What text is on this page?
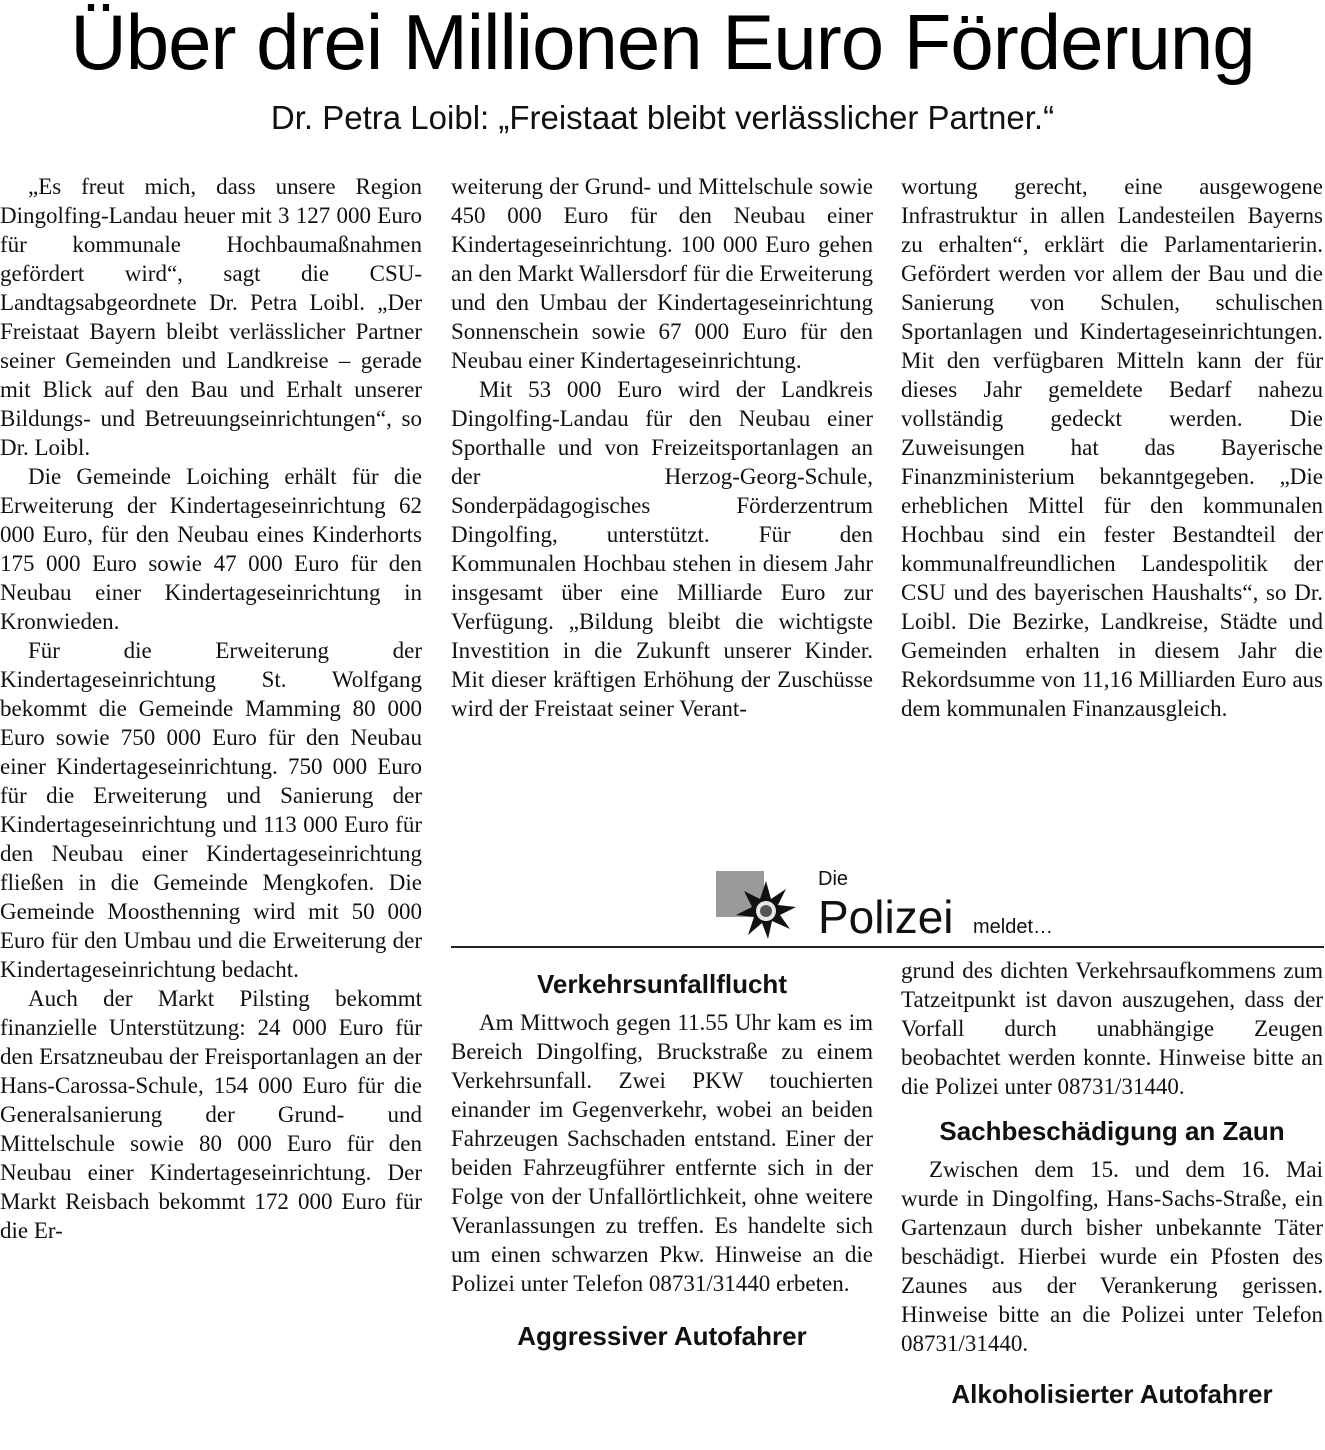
Über drei Millionen Euro Förderung
Dr. Petra Loibl: „Freistaat bleibt verlässlicher Partner.“

„Es freut mich, dass unsere Region Dingolfing-Landau heuer mit 3 127 000 Euro für kommunale Hochbaumaßnahmen gefördert wird“, sagt die CSU-Landtagsabgeordnete Dr. Petra Loibl. „Der Freistaat Bayern bleibt verlässlicher Partner seiner Gemeinden und Landkreise – gerade mit Blick auf den Bau und Erhalt unserer Bildungs- und Betreuungseinrichtungen“, so Dr. Loibl.

Die Gemeinde Loiching erhält für die Erweiterung der Kindertageseinrichtung 62 000 Euro, für den Neubau eines Kinderhorts 175 000 Euro sowie 47 000 Euro für den Neubau einer Kindertageseinrichtung in Kronwieden.

Für die Erweiterung der Kindertageseinrichtung St. Wolfgang bekommt die Gemeinde Mamming 80 000 Euro sowie 750 000 Euro für den Neubau einer Kindertageseinrichtung. 750 000 Euro für die Erweiterung und Sanierung der Kindertageseinrichtung und 113 000 Euro für den Neubau einer Kindertageseinrichtung fließen in die Gemeinde Mengkofen. Die Gemeinde Moosthenning wird mit 50 000 Euro für den Umbau und die Erweiterung der Kindertageseinrichtung bedacht.

Auch der Markt Pilsting bekommt finanzielle Unterstützung: 24 000 Euro für den Ersatzneubau der Freisportanlagen an der Hans-Carossa-Schule, 154 000 Euro für die Generalsanierung der Grund- und Mittelschule sowie 80 000 Euro für den Neubau einer Kindertageseinrichtung. Der Markt Reisbach bekommt 172 000 Euro für die Er-

weiterung der Grund- und Mittelschule sowie 450 000 Euro für den Neubau einer Kindertageseinrichtung. 100 000 Euro gehen an den Markt Wallersdorf für die Erweiterung und den Umbau der Kindertageseinrichtung Sonnenschein sowie 67 000 Euro für den Neubau einer Kindertageseinrichtung.

Mit 53 000 Euro wird der Landkreis Dingolfing-Landau für den Neubau einer Sporthalle und von Freizeitsportanlagen an der Herzog-Georg-Schule, Sonderpädagogisches Förderzentrum Dingolfing, unterstützt. Für den Kommunalen Hochbau stehen in diesem Jahr insgesamt über eine Milliarde Euro zur Verfügung. „Bildung bleibt die wichtigste Investition in die Zukunft unserer Kinder. Mit dieser kräftigen Erhöhung der Zuschüsse wird der Freistaat seiner Verant-

wortung gerecht, eine ausgewogene Infrastruktur in allen Landesteilen Bayerns zu erhalten“, erklärt die Parlamentarierin. Gefördert werden vor allem der Bau und die Sanierung von Schulen, schulischen Sportanlagen und Kindertageseinrichtungen. Mit den verfügbaren Mitteln kann der für dieses Jahr gemeldete Bedarf nahezu vollständig gedeckt werden. Die Zuweisungen hat das Bayerische Finanzministerium bekanntgegeben. „Die erheblichen Mittel für den kommunalen Hochbau sind ein fester Bestandteil der kommunalfreundlichen Landespolitik der CSU und des bayerischen Haushalts“, so Dr. Loibl. Die Bezirke, Landkreise, Städte und Gemeinden erhalten in diesem Jahr die Rekordsumme von 11,16 Milliarden Euro aus dem kommunalen Finanzausgleich.

Die
Polizei meldet…
Verkehrsunfallflucht

Am Mittwoch gegen 11.55 Uhr kam es im Bereich Dingolfing, Bruckstraße zu einem Verkehrsunfall. Zwei PKW touchierten einander im Gegenverkehr, wobei an beiden Fahrzeugen Sachschaden entstand. Einer der beiden Fahrzeugführer entfernte sich in der Folge von der Unfallörtlichkeit, ohne weitere Veranlassungen zu treffen. Es handelte sich um einen schwarzen Pkw. Hinweise an die Polizei unter Telefon 08731/31440 erbeten.

Aggressiver Autofahrer

grund des dichten Verkehrsaufkommens zum Tatzeitpunkt ist davon auszugehen, dass der Vorfall durch unabhängige Zeugen beobachtet werden konnte. Hinweise bitte an die Polizei unter 08731/31440.

Sachbeschädigung an Zaun

Zwischen dem 15. und dem 16. Mai wurde in Dingolfing, Hans-Sachs-Straße, ein Gartenzaun durch bisher unbekannte Täter beschädigt. Hierbei wurde ein Pfosten des Zaunes aus der Verankerung gerissen. Hinweise bitte an die Polizei unter Telefon 08731/31440.

Alkoholisierter Autofahrer
